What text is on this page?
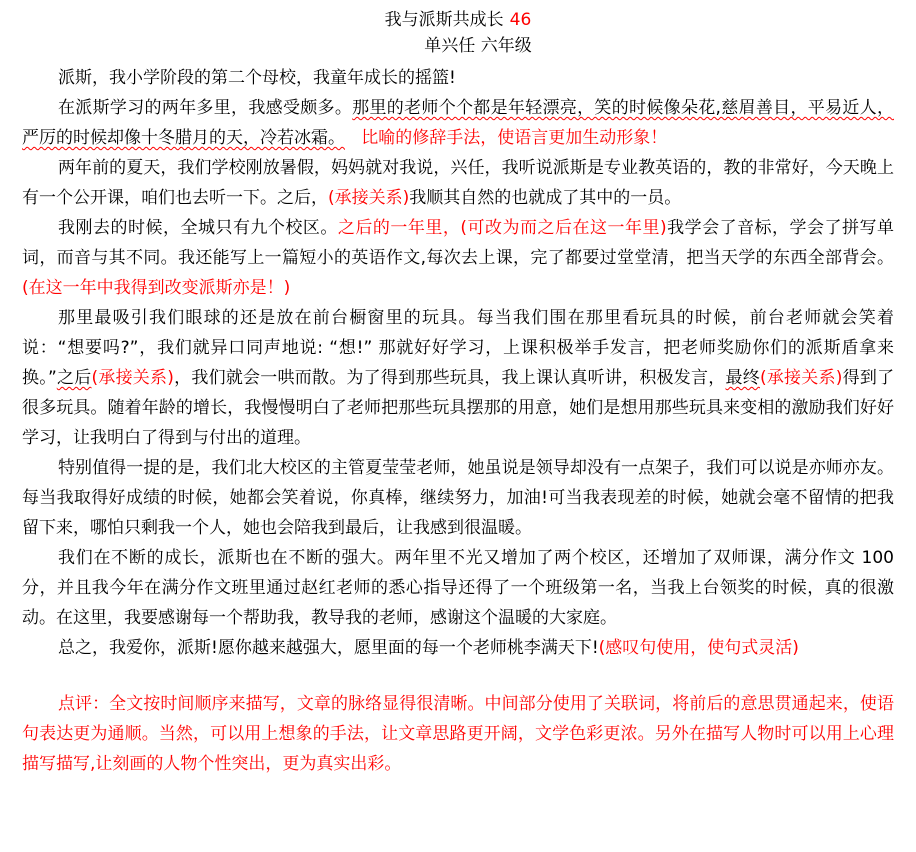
我与派斯共成长 46
单兴任 六年级

派斯，我小学阶段的第二个母校，我童年成长的摇篮!

在派斯学习的两年多里，我感受颇多。那里的老师个个都是年轻漂亮，笑的时候像朵花,慈眉善目，平易近人，严厉的时候却像十冬腊月的天，冷若冰霜。 比喻的修辞手法，使语言更加生动形象！

两年前的夏天，我们学校刚放暑假，妈妈就对我说，兴任，我听说派斯是专业教英语的，教的非常好，今天晚上有一个公开课，咱们也去听一下。之后，(承接关系)我顺其自然的也就成了其中的一员。

我刚去的时候，全城只有九个校区。之后的一年里，(可改为而之后在这一年里)我学会了音标，学会了拼写单词，而音与其不同。我还能写上一篇短小的英语作文,每次去上课，完了都要过堂堂清，把当天学的东西全部背会。(在这一年中我得到改变派斯亦是！)

那里最吸引我们眼球的还是放在前台橱窗里的玩具。每当我们围在那里看玩具的时候，前台老师就会笑着说：“想要吗?”，我们就异口同声地说: “想!” 那就好好学习，上课积极举手发言，把老师奖励你们的派斯盾拿来换。”之后(承接关系)，我们就会一哄而散。为了得到那些玩具，我上课认真听讲，积极发言，最终(承接关系)得到了很多玩具。随着年龄的增长，我慢慢明白了老师把那些玩具摆那的用意，她们是想用那些玩具来变相的激励我们好好学习，让我明白了得到与付出的道理。

特别值得一提的是，我们北大校区的主管夏莹莹老师，她虽说是领导却没有一点架子，我们可以说是亦师亦友。每当我取得好成绩的时候，她都会笑着说，你真棒，继续努力，加油!可当我表现差的时候，她就会毫不留情的把我留下来，哪怕只剩我一个人，她也会陪我到最后，让我感到很温暖。

我们在不断的成长，派斯也在不断的强大。两年里不光又增加了两个校区，还增加了双师课，满分作文 100 分，并且我今年在满分作文班里通过赵红老师的悉心指导还得了一个班级第一名，当我上台领奖的时候，真的很激动。在这里，我要感谢每一个帮助我，教导我的老师，感谢这个温暖的大家庭。

总之，我爱你，派斯!愿你越来越强大，愿里面的每一个老师桃李满天下!(感叹句使用，使句式灵活)

点评：全文按时间顺序来描写，文章的脉络显得很清晰。中间部分使用了关联词，将前后的意思贯通起来，使语句表达更为通顺。当然，可以用上想象的手法，让文章思路更开阔，文学色彩更浓。另外在描写人物时可以用上心理描写描写,让刻画的人物个性突出，更为真实出彩。
